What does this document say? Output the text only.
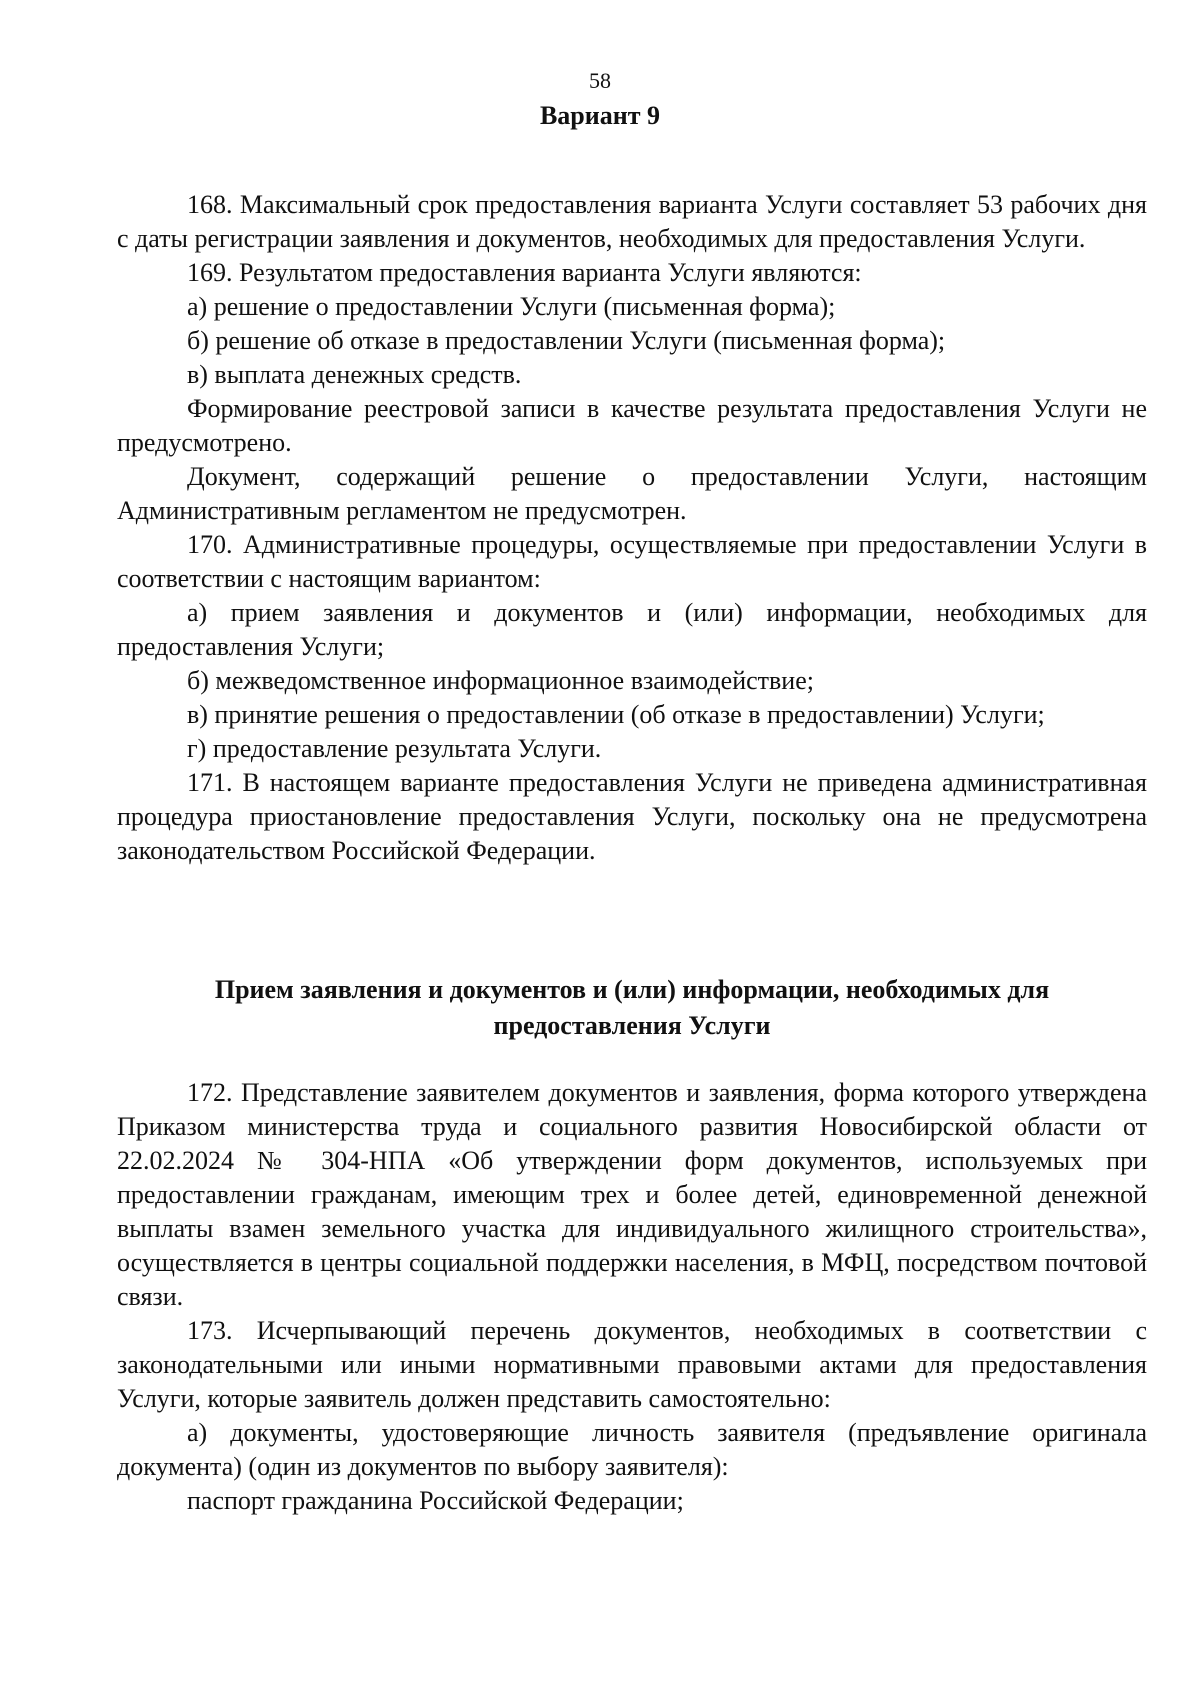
58
Вариант 9

168. Максимальный срок предоставления варианта Услуги составляет 53 рабочих дня с даты регистрации заявления и документов, необходимых для предоставления Услуги.

169. Результатом предоставления варианта Услуги являются:

а) решение о предоставлении Услуги (письменная форма);

б) решение об отказе в предоставлении Услуги (письменная форма);

в) выплата денежных средств.

Формирование реестровой записи в качестве результата предоставления Услуги не предусмотрено.

Документ, содержащий решение о предоставлении Услуги, настоящим Административным регламентом не предусмотрен.

170. Административные процедуры, осуществляемые при предоставлении Услуги в соответствии с настоящим вариантом:

а) прием заявления и документов и (или) информации, необходимых для предоставления Услуги;

б) межведомственное информационное взаимодействие;

в) принятие решения о предоставлении (об отказе в предоставлении) Услуги;

г) предоставление результата Услуги.

171. В настоящем варианте предоставления Услуги не приведена административная процедура приостановление предоставления Услуги, поскольку она не предусмотрена законодательством Российской Федерации.

Прием заявления и документов и (или) информации, необходимых для
предоставления Услуги

172. Представление заявителем документов и заявления, форма которого утверждена Приказом министерства труда и социального развития Новосибирской области от 22.02.2024 № 304-НПА «Об утверждении форм документов, используемых при предоставлении гражданам, имеющим трех и более детей, единовременной денежной выплаты взамен земельного участка для индивидуального жилищного строительства», осуществляется в центры социальной поддержки населения, в МФЦ, посредством почтовой связи.

173. Исчерпывающий перечень документов, необходимых в соответствии с законодательными или иными нормативными правовыми актами для предоставления Услуги, которые заявитель должен представить самостоятельно:

а) документы, удостоверяющие личность заявителя (предъявление оригинала документа) (один из документов по выбору заявителя):

паспорт гражданина Российской Федерации;
